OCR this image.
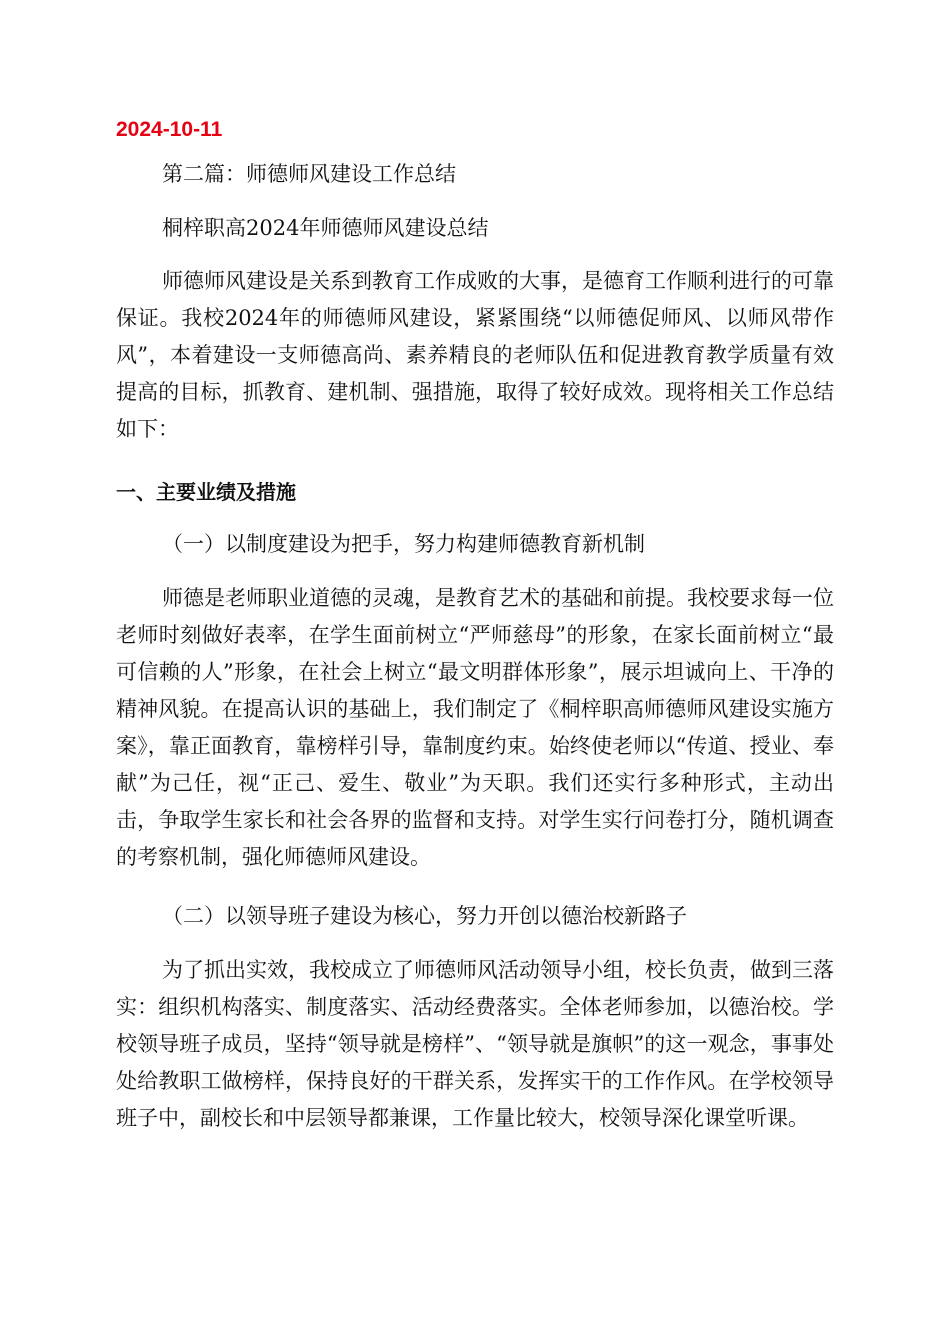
2024-10-11
第二篇：师德师风建设工作总结
桐梓职高2024年师德师风建设总结

师德师风建设是关系到教育工作成败的大事，是德育工作顺利进行的可靠保证。我校2024年的师德师风建设，紧紧围绕“以师德促师风、以师风带作风”，本着建设一支师德高尚、素养精良的老师队伍和促进教育教学质量有效提高的目标，抓教育、建机制、强措施，取得了较好成效。现将相关工作总结如下：

一、主要业绩及措施
（一）以制度建设为把手，努力构建师德教育新机制

师德是老师职业道德的灵魂，是教育艺术的基础和前提。我校要求每一位老师时刻做好表率，在学生面前树立“严师慈母”的形象，在家长面前树立“最可信赖的人”形象，在社会上树立“最文明群体形象”，展示坦诚向上、干净的精神风貌。在提高认识的基础上，我们制定了《桐梓职高师德师风建设实施方案》，靠正面教育，靠榜样引导，靠制度约束。始终使老师以“传道、授业、奉献”为己任，视“正己、爱生、敬业”为天职。我们还实行多种形式，主动出击，争取学生家长和社会各界的监督和支持。对学生实行问卷打分，随机调查的考察机制，强化师德师风建设。

（二）以领导班子建设为核心，努力开创以德治校新路子

为了抓出实效，我校成立了师德师风活动领导小组，校长负责，做到三落实：组织机构落实、制度落实、活动经费落实。全体老师参加，以德治校。学校领导班子成员，坚持“领导就是榜样”、“领导就是旗帜”的这一观念，事事处处给教职工做榜样，保持良好的干群关系，发挥实干的工作作风。在学校领导班子中，副校长和中层领导都兼课，工作量比较大，校领导深化课堂听课。
